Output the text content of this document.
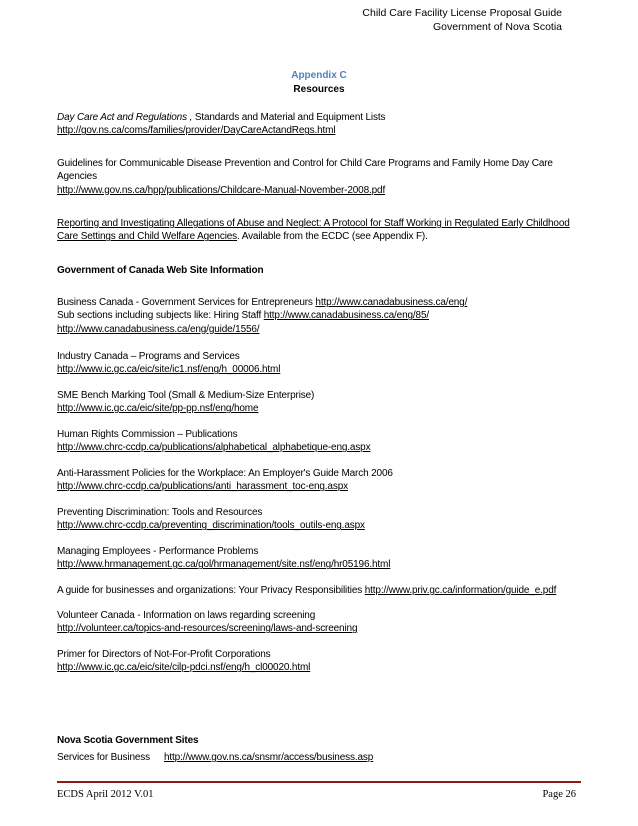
Child Care Facility License Proposal Guide
Government of Nova Scotia
Appendix C
Resources
Day Care Act and Regulations , Standards and Material and Equipment Lists
http://gov.ns.ca/coms/families/provider/DayCareActandRegs.html
Guidelines for Communicable Disease Prevention and Control for Child Care Programs and Family Home Day Care
Agencies
http://www.gov.ns.ca/hpp/publications/Childcare-Manual-November-2008.pdf
Reporting and Investigating Allegations of Abuse and Neglect: A Protocol for Staff Working in Regulated Early Childhood
Care Settings and Child Welfare Agencies. Available from the ECDC (see Appendix F).
Government of Canada Web Site Information
Business Canada - Government Services for Entrepreneurs http://www.canadabusiness.ca/eng/
Sub sections including subjects like: Hiring Staff http://www.canadabusiness.ca/eng/85/
http://www.canadabusiness.ca/eng/guide/1556/
Industry Canada – Programs and Services
http://www.ic.gc.ca/eic/site/ic1.nsf/eng/h_00006.html
SME Bench Marking Tool (Small & Medium-Size Enterprise)
http://www.ic.gc.ca/eic/site/pp-pp.nsf/eng/home
Human Rights Commission – Publications
http://www.chrc-ccdp.ca/publications/alphabetical_alphabetique-eng.aspx
Anti-Harassment Policies for the Workplace: An Employer's Guide March 2006
http://www.chrc-ccdp.ca/publications/anti_harassment_toc-eng.aspx
Preventing Discrimination: Tools and Resources
http://www.chrc-ccdp.ca/preventing_discrimination/tools_outils-eng.aspx
Managing Employees - Performance Problems
http://www.hrmanagement.gc.ca/gol/hrmanagement/site.nsf/eng/hr05196.html
A guide for businesses and organizations: Your Privacy Responsibilities http://www.priv.gc.ca/information/guide_e.pdf
Volunteer Canada - Information on laws regarding screening
http://volunteer.ca/topics-and-resources/screening/laws-and-screening
Primer for Directors of Not-For-Profit Corporations
http://www.ic.gc.ca/eic/site/cilp-pdci.nsf/eng/h_cl00020.html
Nova Scotia Government Sites
Services for Business http://www.gov.ns.ca/snsmr/access/business.asp
ECDS April 2012 V.01	Page 26
